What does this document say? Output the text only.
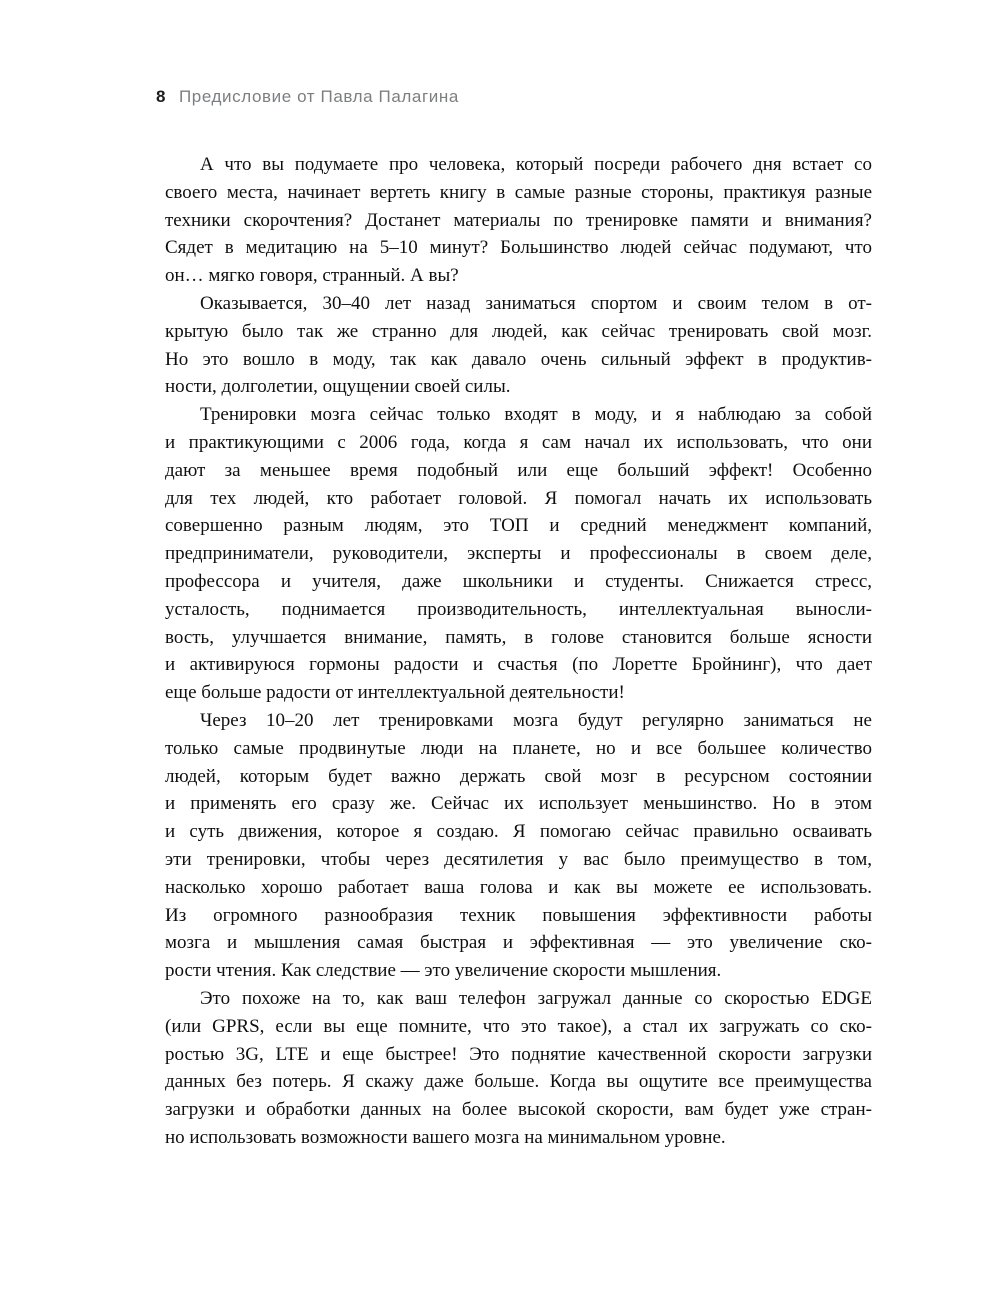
8 Предисловие от Павла Палагина
А что вы подумаете про человека, который посреди рабочего дня встает со
своего места, начинает вертеть книгу в самые разные стороны, практикуя разные
техники скорочтения? Достанет материалы по тренировке памяти и внимания?
Сядет в медитацию на 5–10 минут? Большинство людей сейчас подумают, что
он… мягко говоря, странный. А вы?
Оказывается, 30–40 лет назад заниматься спортом и своим телом в от-
крытую было так же странно для людей, как сейчас тренировать свой мозг.
Но это вошло в моду, так как давало очень сильный эффект в продуктив-
ности, долголетии, ощущении своей силы.
Тренировки мозга сейчас только входят в моду, и я наблюдаю за собой
и практикующими с 2006 года, когда я сам начал их использовать, что они
дают за меньшее время подобный или еще больший эффект! Особенно
для тех людей, кто работает головой. Я помогал начать их использовать
совершенно разным людям, это ТОП и средний менеджмент компаний,
предприниматели, руководители, эксперты и профессионалы в своем деле,
профессора и учителя, даже школьники и студенты. Снижается стресс,
усталость, поднимается производительность, интеллектуальная выносли-
вость, улучшается внимание, память, в голове становится больше ясности
и активируюся гормоны радости и счастья (по Лоретте Бройнинг), что дает
еще больше радости от интеллектуальной деятельности!
Через 10–20 лет тренировками мозга будут регулярно заниматься не
только самые продвинутые люди на планете, но и все большее количество
людей, которым будет важно держать свой мозг в ресурсном состоянии
и применять его сразу же. Сейчас их использует меньшинство. Но в этом
и суть движения, которое я создаю. Я помогаю сейчас правильно осваивать
эти тренировки, чтобы через десятилетия у вас было преимущество в том,
насколько хорошо работает ваша голова и как вы можете ее использовать.
Из огромного разнообразия техник повышения эффективности работы
мозга и мышления самая быстрая и эффективная — это увеличение ско-
рости чтения. Как следствие — это увеличение скорости мышления.
Это похоже на то, как ваш телефон загружал данные со скоростью EDGE
(или GPRS, если вы еще помните, что это такое), а стал их загружать со ско-
ростью 3G, LTE и еще быстрее! Это поднятие качественной скорости загрузки
данных без потерь. Я скажу даже больше. Когда вы ощутите все преимущества
загрузки и обработки данных на более высокой скорости, вам будет уже стран-
но использовать возможности вашего мозга на минимальном уровне.
